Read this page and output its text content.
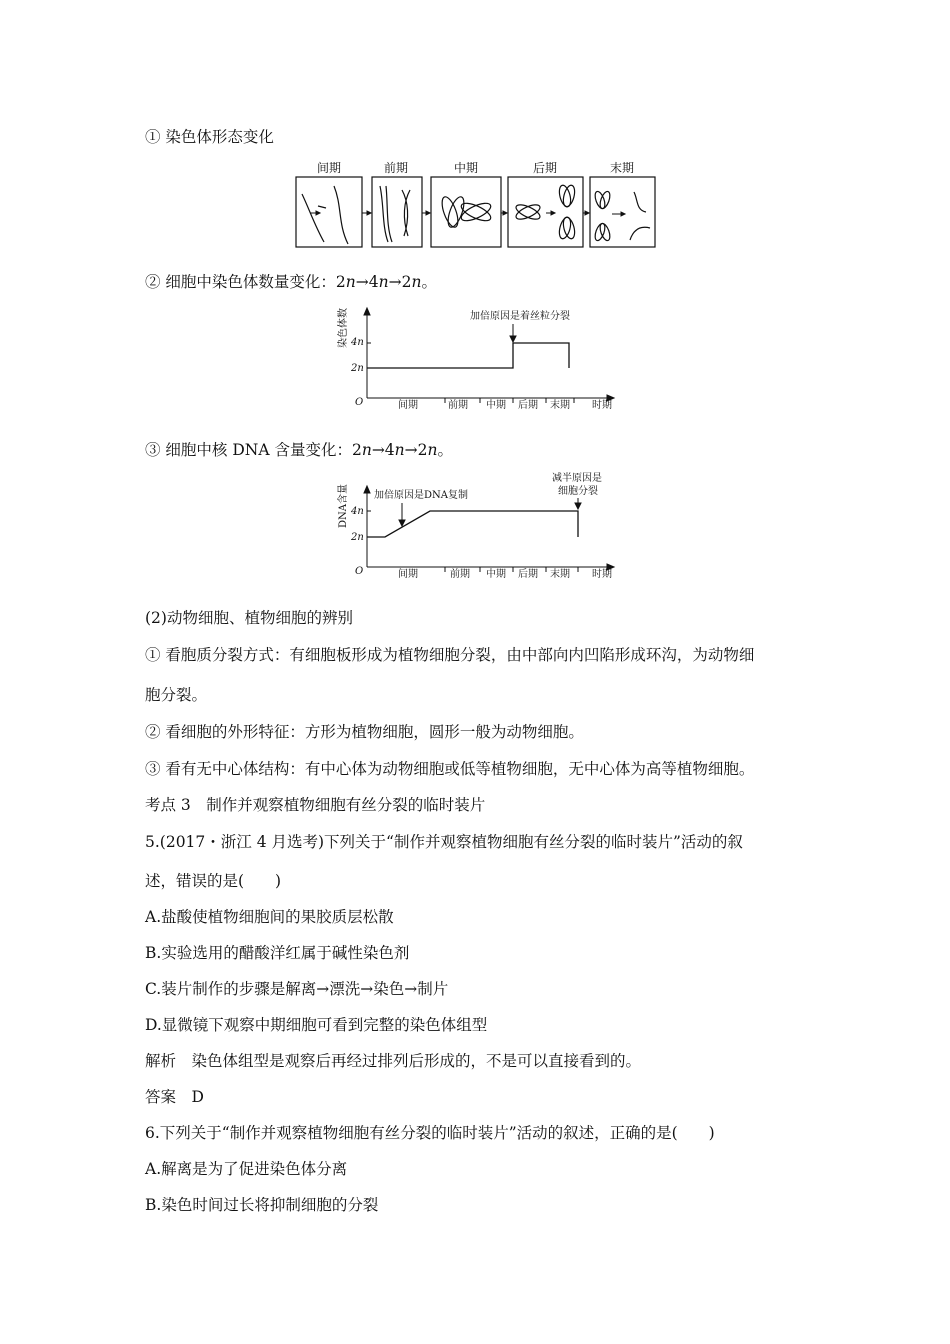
① 染色体形态变化
间期	前期	中期	后期	末期
② 细胞中染色体数量变化：2n→4n→2n。
染色体数 4n
2n
O	间期	前期 中期 后期 末期 时期
加倍原因是着丝粒分裂
③ 细胞中核 DNA 含量变化：2n→4n→2n。
DNA含量 4n
2n
O	间期	前期 中期 后期 末期 时期
加倍原因是DNA复制
减半原因是
细胞分裂
(2)动物细胞、植物细胞的辨别
① 看胞质分裂方式：有细胞板形成为植物细胞分裂，由中部向内凹陷形成环沟，为动物细
胞分裂。
② 看细胞的外形特征：方形为植物细胞，圆形一般为动物细胞。
③ 看有无中心体结构：有中心体为动物细胞或低等植物细胞，无中心体为高等植物细胞。
考点 3　制作并观察植物细胞有丝分裂的临时装片
5.(2017・浙江 4 月选考)下列关于“制作并观察植物细胞有丝分裂的临时装片”活动的叙
述，错误的是(　　)
A.盐酸使植物细胞间的果胶质层松散
B.实验选用的醋酸洋红属于碱性染色剂
C.装片制作的步骤是解离→漂洗→染色→制片
D.显微镜下观察中期细胞可看到完整的染色体组型
解析　染色体组型是观察后再经过排列后形成的，不是可以直接看到的。
答案　D
6.下列关于“制作并观察植物细胞有丝分裂的临时装片”活动的叙述，正确的是(　　)
A.解离是为了促进染色体分离
B.染色时间过长将抑制细胞的分裂
